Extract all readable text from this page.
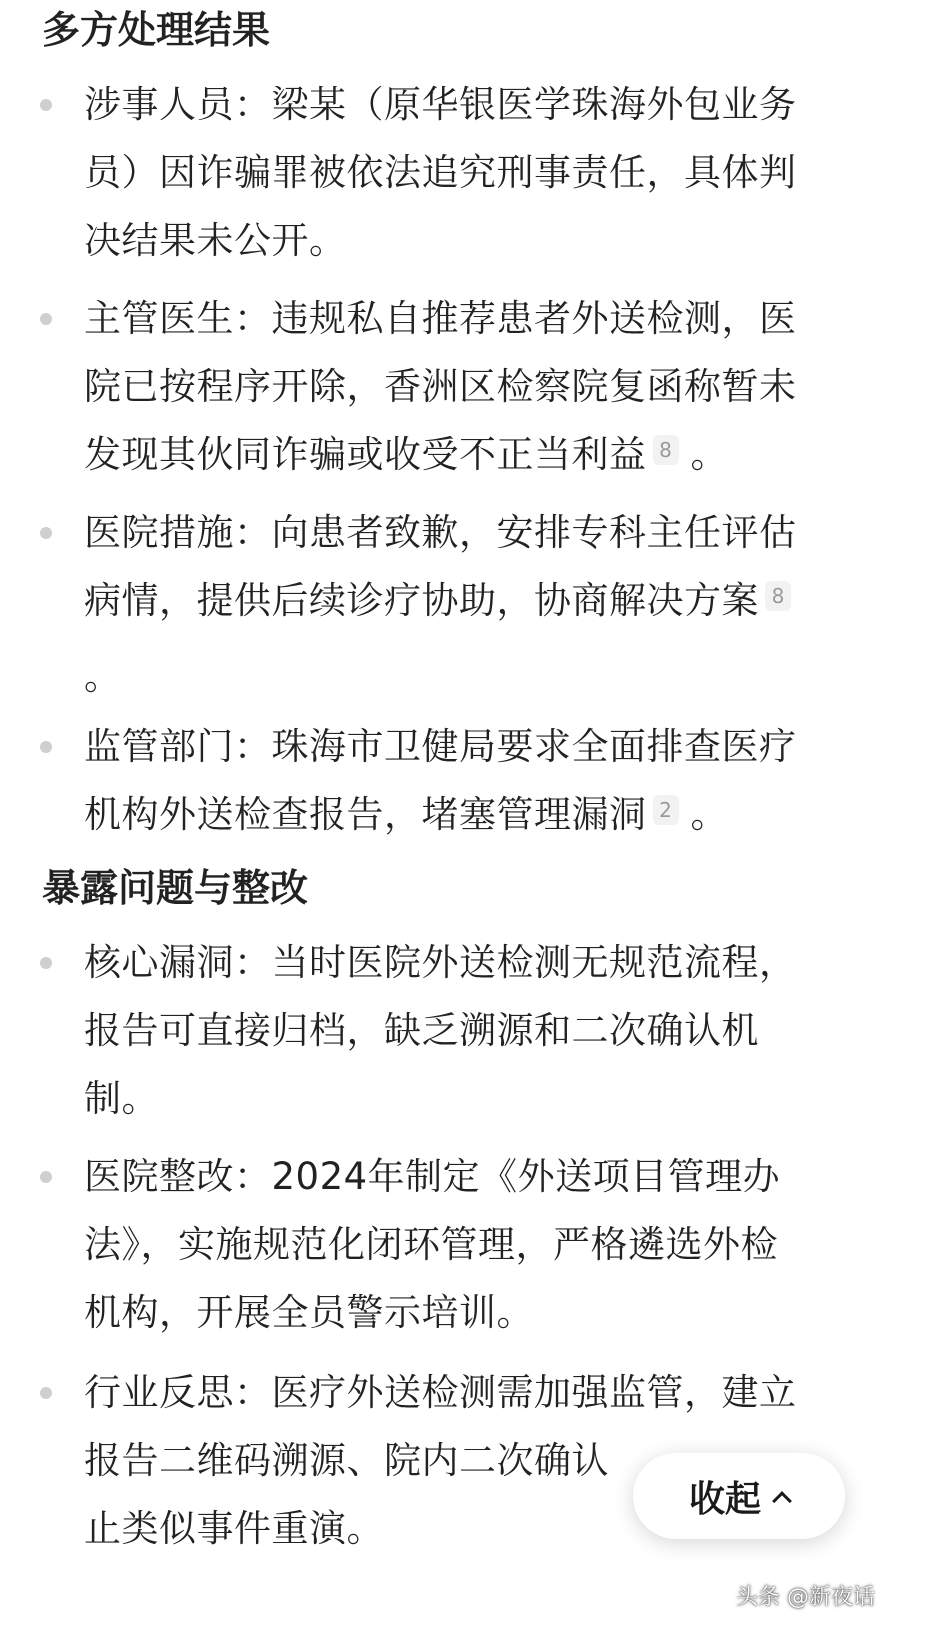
多方处理结果
涉事人员：梁某（原华银医学珠海外包业务
员）因诈骗罪被依法追究刑事责任，具体判
决结果未公开。
主管医生：违规私自推荐患者外送检测，医
院已按程序开除，香洲区检察院复函称暂未
发现其伙同诈骗或收受不正当利益 8 。
医院措施：向患者致歉，安排专科主任评估
病情，提供后续诊疗协助，协商解决方案 8
。
监管部门：珠海市卫健局要求全面排查医疗
机构外送检查报告，堵塞管理漏洞 2 。
暴露问题与整改
核心漏洞：当时医院外送检测无规范流程，
报告可直接归档，缺乏溯源和二次确认机
制。
医院整改：2024年制定《外送项目管理办
法》，实施规范化闭环管理，严格遴选外检
机构，开展全员警示培训。
行业反思：医疗外送检测需加强监管，建立
报告二维码溯源、院内二次确认
止类似事件重演。
收起
头条 @新夜话
